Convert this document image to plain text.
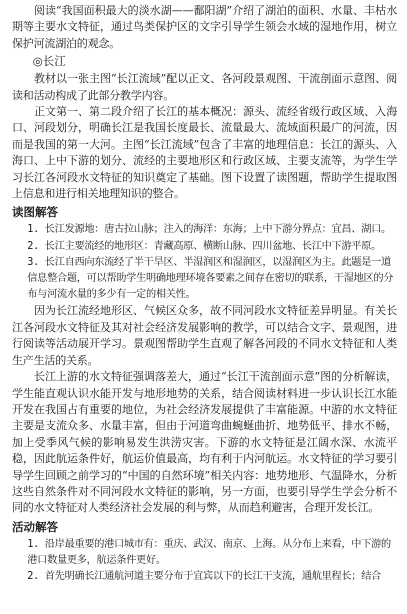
阅读“我国面积最大的淡水湖——鄱阳湖”介绍了湖泊的面积、水量、丰枯水期等主要水文特征，通过鸟类保护区的文字引导学生领会水域的湿地作用，树立保护河流湖泊的观念。

◎长江

教材以一张主图“长江流域”配以正文、各河段景观图、干流剖面示意图、阅读和活动构成了此部分教学内容。

正文第一、第二段介绍了长江的基本概况：源头、流经省级行政区域、入海口、河段划分，明确长江是我国长度最长、流量最大、流域面积最广的河流，因而是我国的第一大河。主图“长江流域”包含了丰富的地理信息：长江的源头、入海口、上中下游的划分、流经的主要地形区和行政区域、主要支流等，为学生学习长江各河段水文特征的知识奠定了基础。图下设置了读图题，帮助学生提取图上信息和进行相关地理知识的整合。

读图解答

1. 长江发源地：唐古拉山脉；注入的海洋：东海；上中下游分界点：宜昌、湖口。

2. 长江主要流经的地形区：青藏高原、横断山脉、四川盆地、长江中下游平原。

3. 长江自西向东流经了半干旱区、半湿润区和湿润区，以湿润区为主。此题是一道信息整合题，可以帮助学生明确地理环境各要素之间存在密切的联系，干湿地区的分布与河流水量的多少有一定的相关性。

因为长江流经地形区、气候区众多，故不同河段水文特征差异明显。有关长江各河段水文特征及其对社会经济发展影响的教学，可以结合文字、景观图，进行阅读等活动展开学习。景观图帮助学生直观了解各河段的不同水文特征和人类生产生活的关系。

长江上游的水文特征强调落差大，通过“长江干流剖面示意”图的分析解读，学生能直观认识水能开发与地形地势的关系，结合阅读材料进一步认识长江水能开发在我国占有重要的地位，为社会经济发展提供了丰富能源。中游的水文特征主要是支流众多、水量丰富，但由于河道弯曲蜿蜒曲折、地势低平、排水不畅，加上受季风气候的影响易发生洪涝灾害。下游的水文特征是江阔水深、水流平稳，因此航运条件好，航运价值最高，均有利于内河航运。水文特征的学习要引导学生回顾之前学习的“中国的自然环境”相关内容：地势地形、气温降水，分析这些自然条件对不同河段水文特征的影响，另一方面，也要引导学生学会分析不同的水文特征对人类经济社会发展的利与弊，从而趋利避害，合理开发长江。

活动解答

1. 沿岸最重要的港口城市有：重庆、武汉、南京、上海。从分布上来看，中下游的港口数量更多，航运条件更好。

2. 首先明确长江通航河道主要分布于宜宾以下的长江干支流，通航里程长；结合
